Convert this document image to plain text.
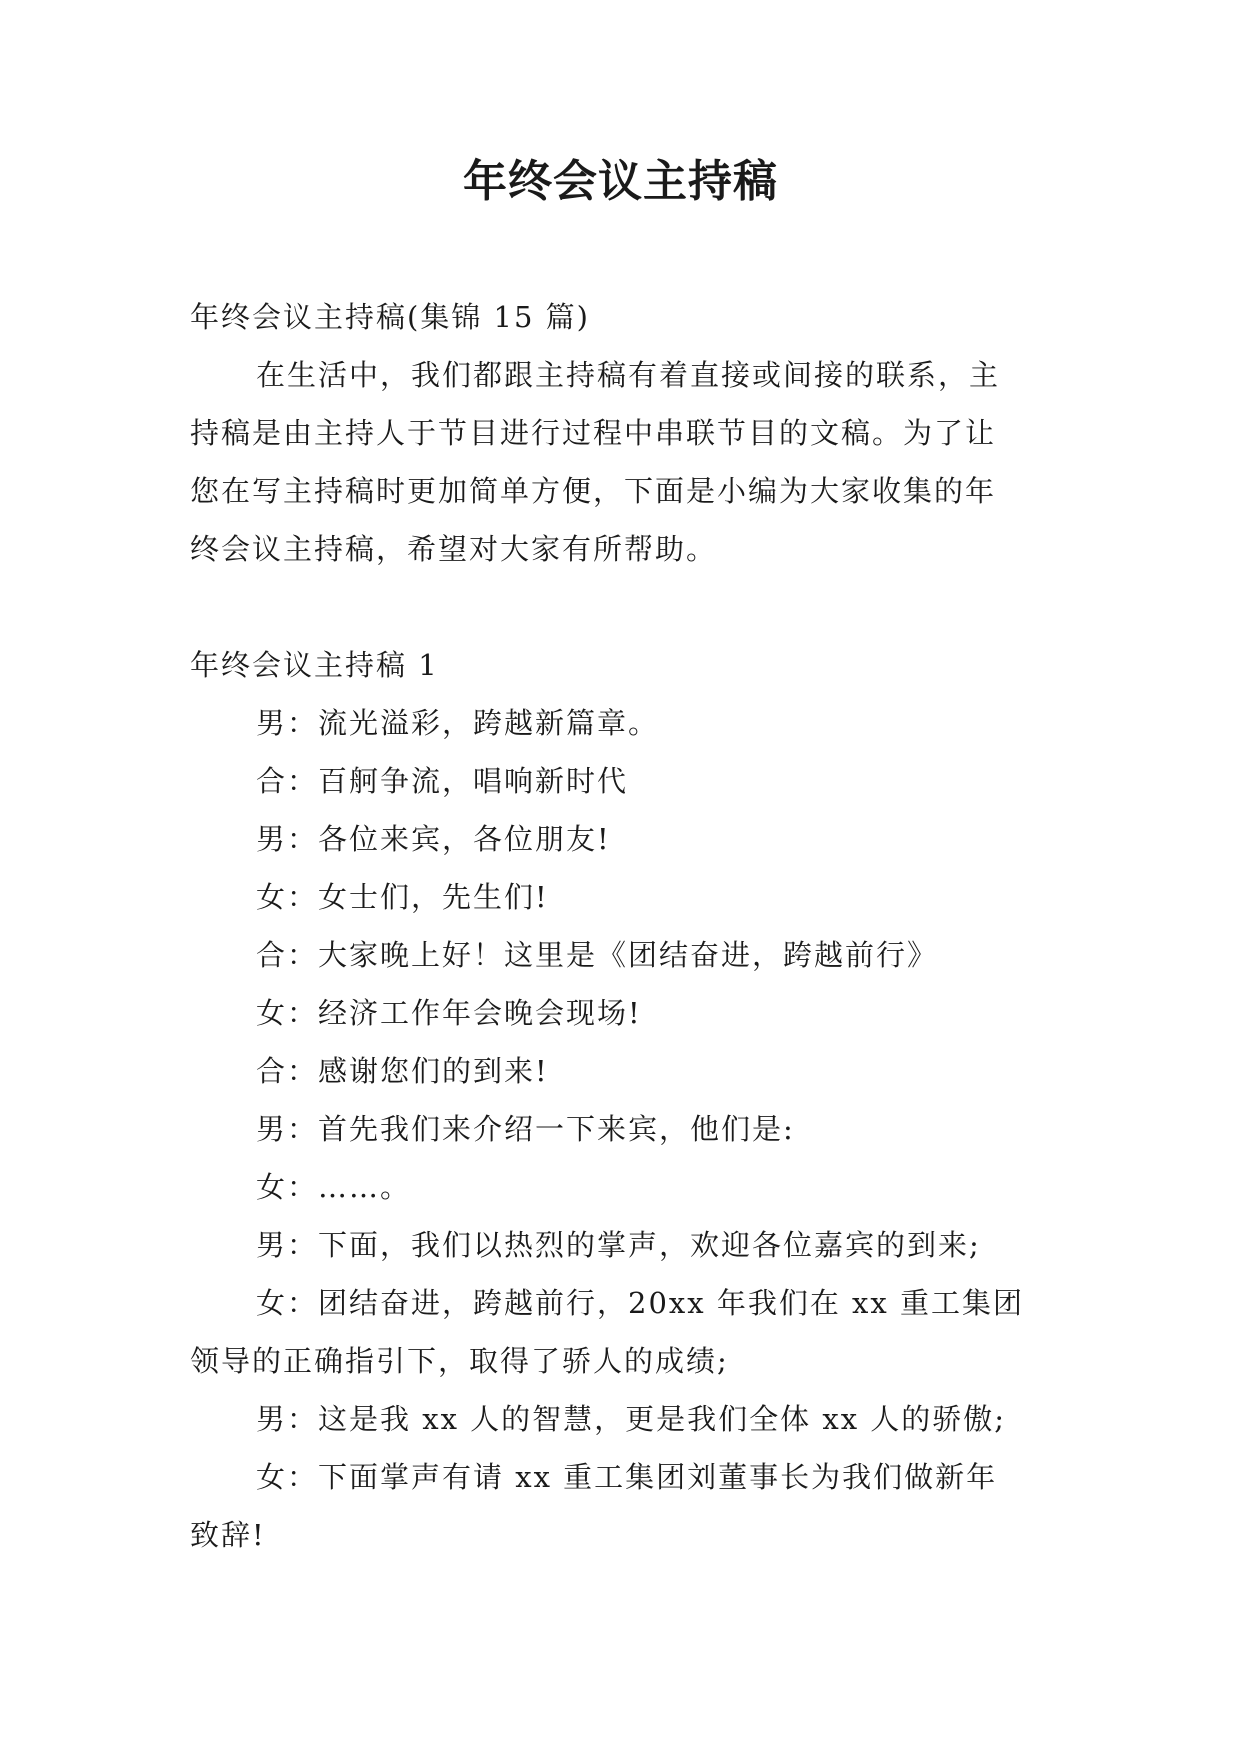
年终会议主持稿
年终会议主持稿(集锦 15 篇)
在生活中，我们都跟主持稿有着直接或间接的联系，主
持稿是由主持人于节目进行过程中串联节目的文稿。为了让
您在写主持稿时更加简单方便，下面是小编为大家收集的年
终会议主持稿，希望对大家有所帮助。
年终会议主持稿 1
男：流光溢彩，跨越新篇章。
合：百舸争流，唱响新时代
男：各位来宾，各位朋友!
女：女士们，先生们!
合：大家晚上好！这里是《团结奋进，跨越前行》
女：经济工作年会晚会现场!
合：感谢您们的到来!
男：首先我们来介绍一下来宾，他们是:
女：……。
男：下面，我们以热烈的掌声，欢迎各位嘉宾的到来;
女：团结奋进，跨越前行，20xx 年我们在 xx 重工集团
领导的正确指引下，取得了骄人的成绩;
男：这是我 xx 人的智慧，更是我们全体 xx 人的骄傲;
女：下面掌声有请 xx 重工集团刘董事长为我们做新年
致辞!
